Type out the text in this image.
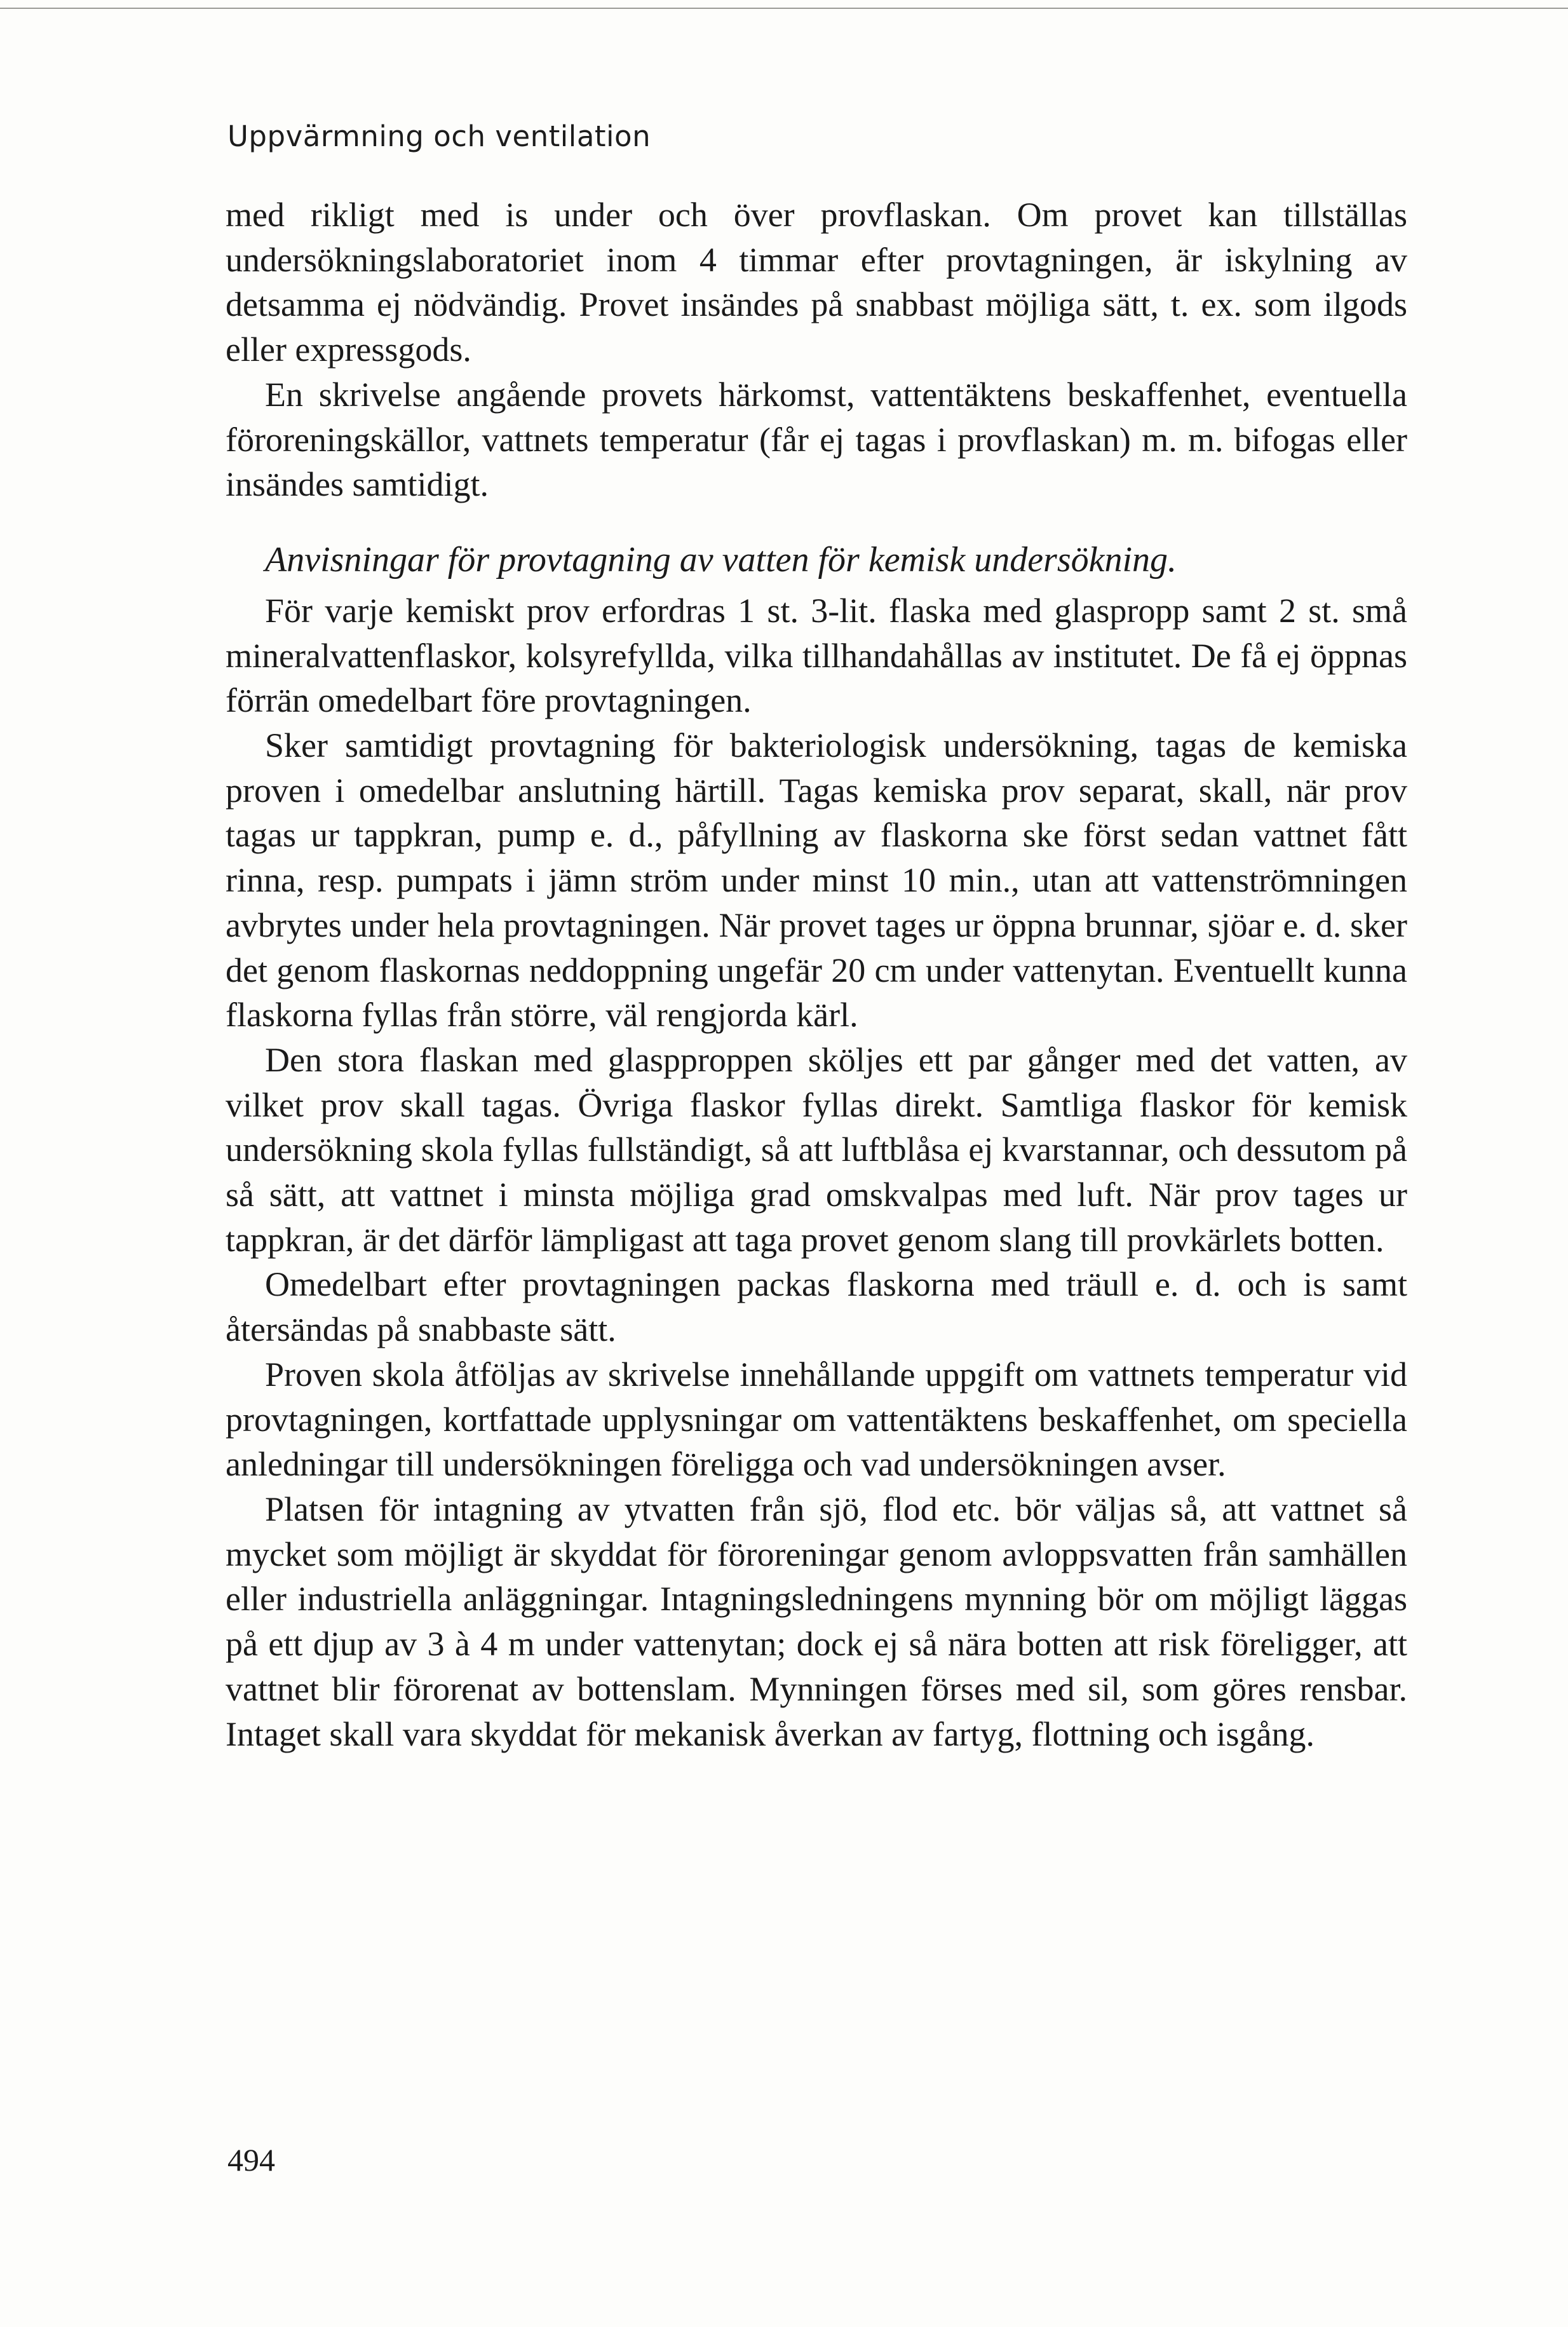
Uppvärmning och ventilation

med rikligt med is under och över provflaskan. Om provet kan tillställas undersökningslaboratoriet inom 4 timmar efter provtagningen, är iskylning av detsamma ej nödvändig. Provet insändes på snabbast möjliga sätt, t. ex. som ilgods eller expressgods.

En skrivelse angående provets härkomst, vattentäktens beskaffenhet, eventuella föroreningskällor, vattnets temperatur (får ej tagas i provflaskan) m. m. bifogas eller insändes samtidigt.

Anvisningar för provtagning av vatten för kemisk undersökning.

För varje kemiskt prov erfordras 1 st. 3-lit. flaska med glaspropp samt 2 st. små mineralvattenflaskor, kolsyrefyllda, vilka tillhandahållas av institutet. De få ej öppnas förrän omedelbart före provtagningen.

Sker samtidigt provtagning för bakteriologisk undersökning, tagas de kemiska proven i omedelbar anslutning härtill. Tagas kemiska prov separat, skall, när prov tagas ur tappkran, pump e. d., påfyllning av flaskorna ske först sedan vattnet fått rinna, resp. pumpats i jämn ström under minst 10 min., utan att vattenströmningen avbrytes under hela provtagningen. När provet tages ur öppna brunnar, sjöar e. d. sker det genom flaskornas neddoppning ungefär 20 cm under vattenytan. Eventuellt kunna flaskorna fyllas från större, väl rengjorda kärl.

Den stora flaskan med glaspproppen sköljes ett par gånger med det vatten, av vilket prov skall tagas. Övriga flaskor fyllas direkt. Samtliga flaskor för kemisk undersökning skola fyllas fullständigt, så att luftblåsa ej kvarstannar, och dessutom på så sätt, att vattnet i minsta möjliga grad omskvalpas med luft. När prov tages ur tappkran, är det därför lämpligast att taga provet genom slang till provkärlets botten.

Omedelbart efter provtagningen packas flaskorna med träull e. d. och is samt återsändas på snabbaste sätt.

Proven skola åtföljas av skrivelse innehållande uppgift om vattnets temperatur vid provtagningen, kortfattade upplysningar om vattentäktens beskaffenhet, om speciella anledningar till undersökningen föreligga och vad undersökningen avser.

Platsen för intagning av ytvatten från sjö, flod etc. bör väljas så, att vattnet så mycket som möjligt är skyddat för föroreningar genom avloppsvatten från samhällen eller industriella anläggningar. Intagningsledningens mynning bör om möjligt läggas på ett djup av 3 à 4 m under vattenytan; dock ej så nära botten att risk föreligger, att vattnet blir förorenat av bottenslam. Mynningen förses med sil, som göres rensbar. Intaget skall vara skyddat för mekanisk åverkan av fartyg, flottning och isgång.

494
